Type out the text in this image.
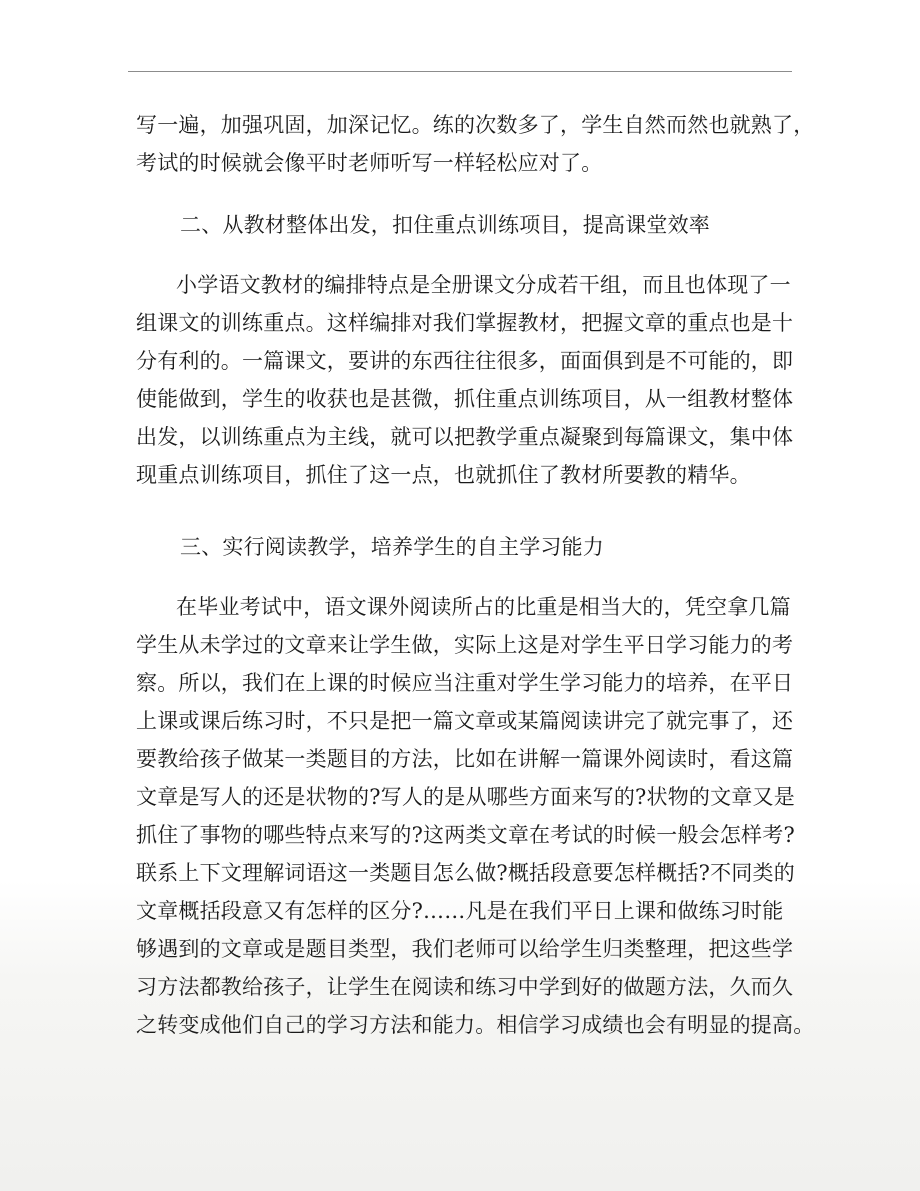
写一遍，加强巩固，加深记忆。练的次数多了，学生自然而然也就熟了，
考试的时候就会像平时老师听写一样轻松应对了。
二、从教材整体出发，扣住重点训练项目，提高课堂效率
小学语文教材的编排特点是全册课文分成若干组，而且也体现了一
组课文的训练重点。这样编排对我们掌握教材，把握文章的重点也是十
分有利的。一篇课文，要讲的东西往往很多，面面俱到是不可能的，即
使能做到，学生的收获也是甚微，抓住重点训练项目，从一组教材整体
出发，以训练重点为主线，就可以把教学重点凝聚到每篇课文，集中体
现重点训练项目，抓住了这一点，也就抓住了教材所要教的精华。
三、实行阅读教学，培养学生的自主学习能力
在毕业考试中，语文课外阅读所占的比重是相当大的，凭空拿几篇
学生从未学过的文章来让学生做，实际上这是对学生平日学习能力的考
察。所以，我们在上课的时候应当注重对学生学习能力的培养，在平日
上课或课后练习时，不只是把一篇文章或某篇阅读讲完了就完事了，还
要教给孩子做某一类题目的方法，比如在讲解一篇课外阅读时，看这篇
文章是写人的还是状物的?写人的是从哪些方面来写的?状物的文章又是
抓住了事物的哪些特点来写的?这两类文章在考试的时候一般会怎样考?
联系上下文理解词语这一类题目怎么做?概括段意要怎样概括?不同类的
文章概括段意又有怎样的区分?……凡是在我们平日上课和做练习时能
够遇到的文章或是题目类型，我们老师可以给学生归类整理，把这些学
习方法都教给孩子，让学生在阅读和练习中学到好的做题方法，久而久
之转变成他们自己的学习方法和能力。相信学习成绩也会有明显的提高。
